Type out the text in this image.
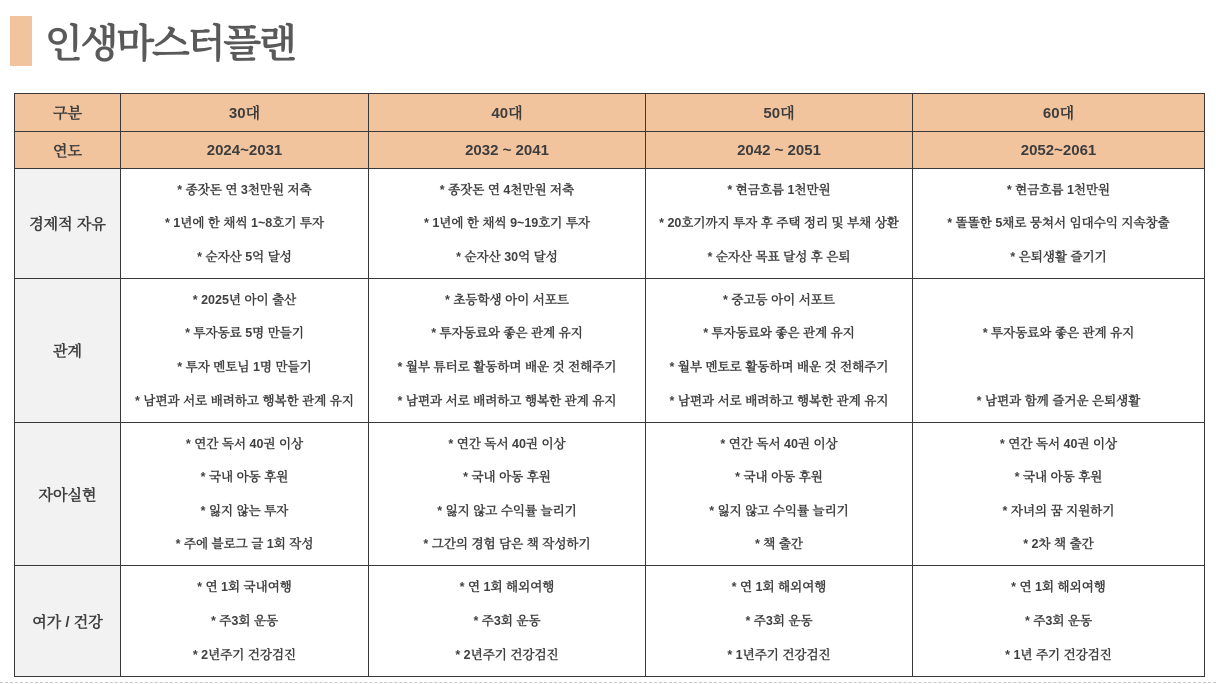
인생마스터플랜
구분	30대	40대	50대	60대
연도	2024~2031	2032 ~ 2041	2042 ~ 2051	2052~2061
경제적 자유	
* 종잣돈 연 3천만원 저축
* 1년에 한 채씩 1~8호기 투자
* 순자산 5억 달성

* 종잣돈 연 4천만원 저축
* 1년에 한 채씩 9~19호기 투자
* 순자산 30억 달성

* 현금흐름 1천만원
* 20호기까지 투자 후 주택 정리 및 부채 상환
* 순자산 목표 달성 후 은퇴

* 현금흐름 1천만원
* 똘똘한 5채로 뭉쳐서 임대수익 지속창출
* 은퇴생활 즐기기

관계	
* 2025년 아이 출산
* 투자동료 5명 만들기
* 투자 멘토님 1명 만들기
* 남편과 서로 배려하고 행복한 관계 유지

* 초등학생 아이 서포트
* 투자동료와 좋은 관계 유지
* 월부 튜터로 활동하며 배운 것 전해주기
* 남편과 서로 배려하고 행복한 관계 유지

* 중고등 아이 서포트
* 투자동료와 좋은 관계 유지
* 월부 멘토로 활동하며 배운 것 전해주기
* 남편과 서로 배려하고 행복한 관계 유지

* 투자동료와 좋은 관계 유지
* 남편과 함께 즐거운 은퇴생활

자아실현	
* 연간 독서 40권 이상
* 국내 아동 후원
* 잃지 않는 투자
* 주에 블로그 글 1회 작성

* 연간 독서 40권 이상
* 국내 아동 후원
* 잃지 않고 수익률 늘리기
* 그간의 경험 담은 책 작성하기

* 연간 독서 40권 이상
* 국내 아동 후원
* 잃지 않고 수익률 늘리기
* 책 출간

* 연간 독서 40권 이상
* 국내 아동 후원
* 자녀의 꿈 지원하기
* 2차 책 출간

여가 / 건강	
* 연 1회 국내여행
* 주3회 운동
* 2년주기 건강검진

* 연 1회 해외여행
* 주3회 운동
* 2년주기 건강검진

* 연 1회 해외여행
* 주3회 운동
* 1년주기 건강검진

* 연 1회 해외여행
* 주3회 운동
* 1년 주기 건강검진
